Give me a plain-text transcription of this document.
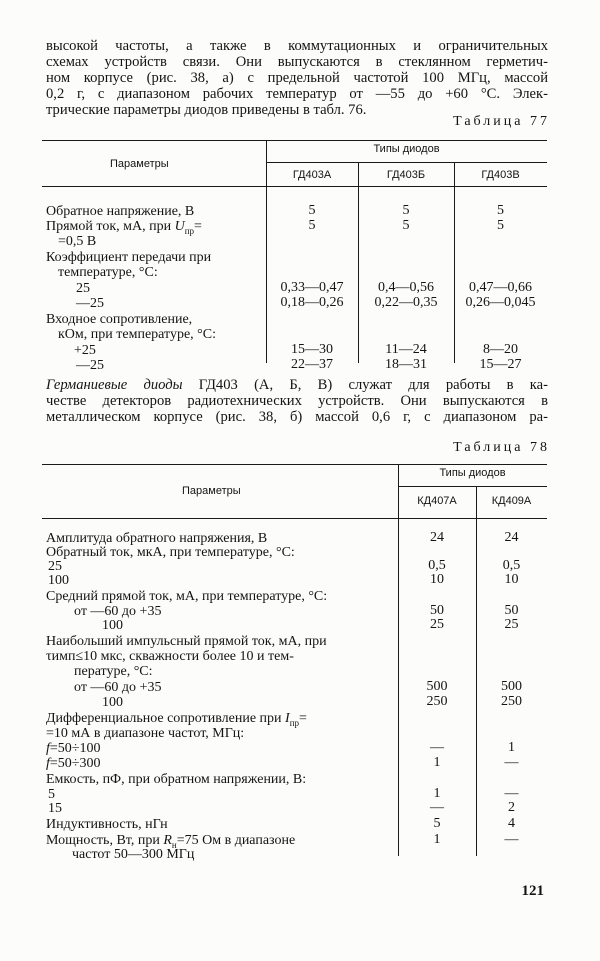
высокой частоты, а также в коммутационных и ограничительных
схемах устройств связи. Они выпускаются в стеклянном герметич-
ном корпусе (рис. 38, а) с предельной частотой 100 МГц, массой
0,2 г, с диапазоном рабочих температур от —55 до +60 °С. Элек-
трические параметры диодов приведены в табл. 76.
Таблица 77
Параметры
Типы диодов
ГД403А	ГД403Б	ГД403В
Обратное напряжение, В	5	5	5
Прямой ток, мА, при $U_{пр}=$	5	5	5
=0,5 В
Коэффициент передачи при
температуре, °С:
25	0,33—0,47	0,4—0,56	0,47—0,66
—25	0,18—0,26	0,22—0,35	0,26—0,045
Входное сопротивление,
кОм, при температуре, °С:
+25	15—30	11—24	8—20
—25	22—37	18—31	15—27
Германиевые диоды ГД403 (А, Б, В) служат для работы в ка-
честве детекторов радиотехнических устройств. Они выпускаются в
металлическом корпусе (рис. 38, б) массой 0,6 г, с диапазоном ра-
Таблица 78
Параметры
Типы диодов
КД407А	КД409А
Амплитуда обратного напряжения, В	24	24
Обратный ток, мкА, при температуре, °С:
25	0,5	0,5
100	10	10
Средний прямой ток, мА, при температуре, °С:
от —60 до +35	50	50
100	25	25
Наибольший импульсный прямой ток, мА, при
τимп≤10 мкс, скважности более 10 и тем-
пературе, °С:
от —60 до +35	500	500
100	250	250
Дифференциальное сопротивление при $I_{пр}=$
=10 мА в диапазоне частот, МГц:
f=50÷100	—	1
f=50÷300	1	—
Емкость, пФ, при обратном напряжении, В:
5	1	—
15	—	2
Индуктивность, нГн	5	4
Мощность, Вт, при $R_н=75$ Ом в диапазоне	1	—
частот 50—300 МГц
121
